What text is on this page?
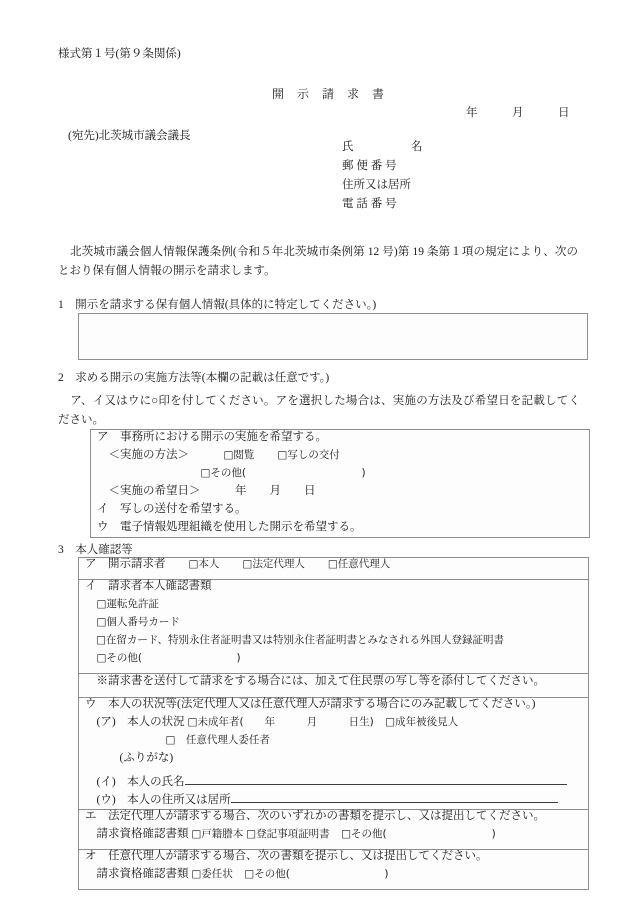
様式第１号(第９条関係)
開 示 請 求 書
年　　　月　　　日
(宛先)北茨城市議会議長
氏　　　　　名
郵 便 番 号
住所又は居所
電 話 番 号
北茨城市議会個人情報保護条例(令和５年北茨城市条例第 12 号)第 19 条第１項の規定により、次のとおり保有個人情報の開示を請求します。
1　 開示を請求する保有個人情報(具体的に特定してください。)
2　 求める開示の実施方法等(本欄の記載は任意です。)
ア、イ又はウに○印を付してください。アを選択した場合は、実施の方法及び希望日を記載してください。
ア　事務所における開示の実施を希望する。
　＜実施の方法＞　　　	□閲覧　　 □写しの交付
　　　　　　　　　□その他(　　　　　　　　　　　)
　＜実施の希望日＞　　　	年　　月　　日
イ　写しの送付を希望する。
ウ　電子情報処理組織を使用した開示を希望する。
3　 本人確認等
ア　開示請求者　　 □本人　　 □法定代理人　　 □任意代理人
イ　請求者本人確認書類
　□運転免許証
　□個人番号カード
　□在留カード、特別永住者証明書又は特別永住者証明書とみなされる外国人登録証明書
　□その他(　　　　　　　　　)
　※請求書を送付して請求をする場合には、加えて住民票の写し等を添付してください。
ウ　本人の状況等(法定代理人又は任意代理人が請求する場合にのみ記載してください。)
　(ア)　本人の状況 □未成年者(　　年　　　月　　　日生)　 □成年被後見人
　　　　　　　□　任意代理人委任者
　　　(ふりがな)
　(イ)　本人の氏名
　(ウ)　本人の住所又は居所
エ　法定代理人が請求する場合、次のいずれかの書類を提示し、又は提出してください。
　請求資格確認書類 □戸籍謄本 □登記事項証明書　 □その他(　　　　　　　　　　)
オ　任意代理人が請求する場合、次の書類を提示し、又は提出してください。
　請求資格確認書類 □委任状　 □その他(　　　　　　　　　)
